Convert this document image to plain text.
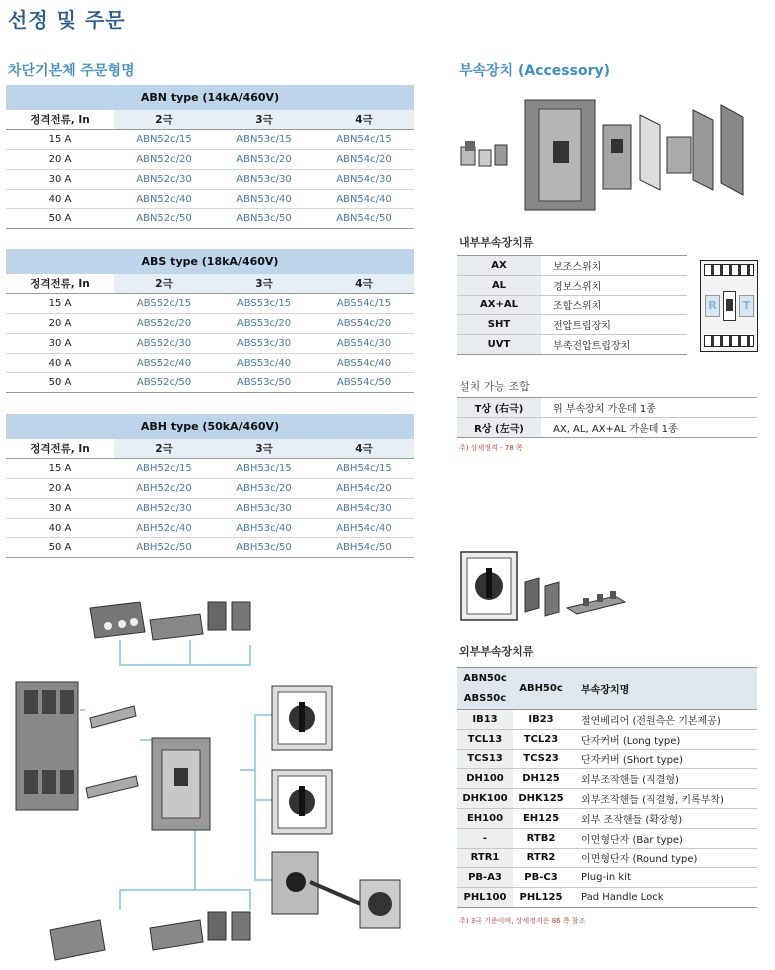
선정 및 주문
차단기본체 주문형명	부속장치 (Accessory)
ABN type (14kA/460V)			
정격전류, In	2극	3극	4극
15 A	ABN52c/15	ABN53c/15	ABN54c/15
20 A	ABN52c/20	ABN53c/20	ABN54c/20
30 A	ABN52c/30	ABN53c/30	ABN54c/30
40 A	ABN52c/40	ABN53c/40	ABN54c/40
50 A	ABN52c/50	ABN53c/50	ABN54c/50
ABS type (18kA/460V)			
정격전류, In	2극	3극	4극
15 A	ABS52c/15	ABS53c/15	ABS54c/15
20 A	ABS52c/20	ABS53c/20	ABS54c/20
30 A	ABS52c/30	ABS53c/30	ABS54c/30
40 A	ABS52c/40	ABS53c/40	ABS54c/40
50 A	ABS52c/50	ABS53c/50	ABS54c/50
ABH type (50kA/460V)			
정격전류, In	2극	3극	4극
15 A	ABH52c/15	ABH53c/15	ABH54c/15
20 A	ABH52c/20	ABH53c/20	ABH54c/20
30 A	ABH52c/30	ABH53c/30	ABH54c/30
40 A	ABH52c/40	ABH53c/40	ABH54c/40
50 A	ABH52c/50	ABH53c/50	ABH54c/50
내부부속장치류
AX	보조스위치
AL	경보스위치
AX+AL	조합스위치
SHT	전압트립장치
UVT	부족전압트립장치
R	T
설치 가능 조합
T상 (右극)	위 부속장치 가운데 1종
R상 (左극)	AX, AL, AX+AL 가운데 1종
주) 상세정격 - 78 쪽
외부부속장치류
ABN50c
ABS50c	ABH50c	부속장치명
IB13	IB23	절연베리어 (전원측은 기본제공)
TCL13	TCL23	단자커버 (Long type)
TCS13	TCS23	단자커버 (Short type)
DH100	DH125	외부조작핸들 (직결형)
DHK100	DHK125	외부조작핸들 (직결형, 키록부착)
EH100	EH125	외부 조작핸들 (확장형)
-	RTB2	이면형단자 (Bar type)
RTR1	RTR2	이면형단자 (Round type)
PB-A3	PB-C3	Plug-in kit
PHL100	PHL125	Pad Handle Lock
주) 3극 기준이며, 상세정격은 86 쪽 참조
